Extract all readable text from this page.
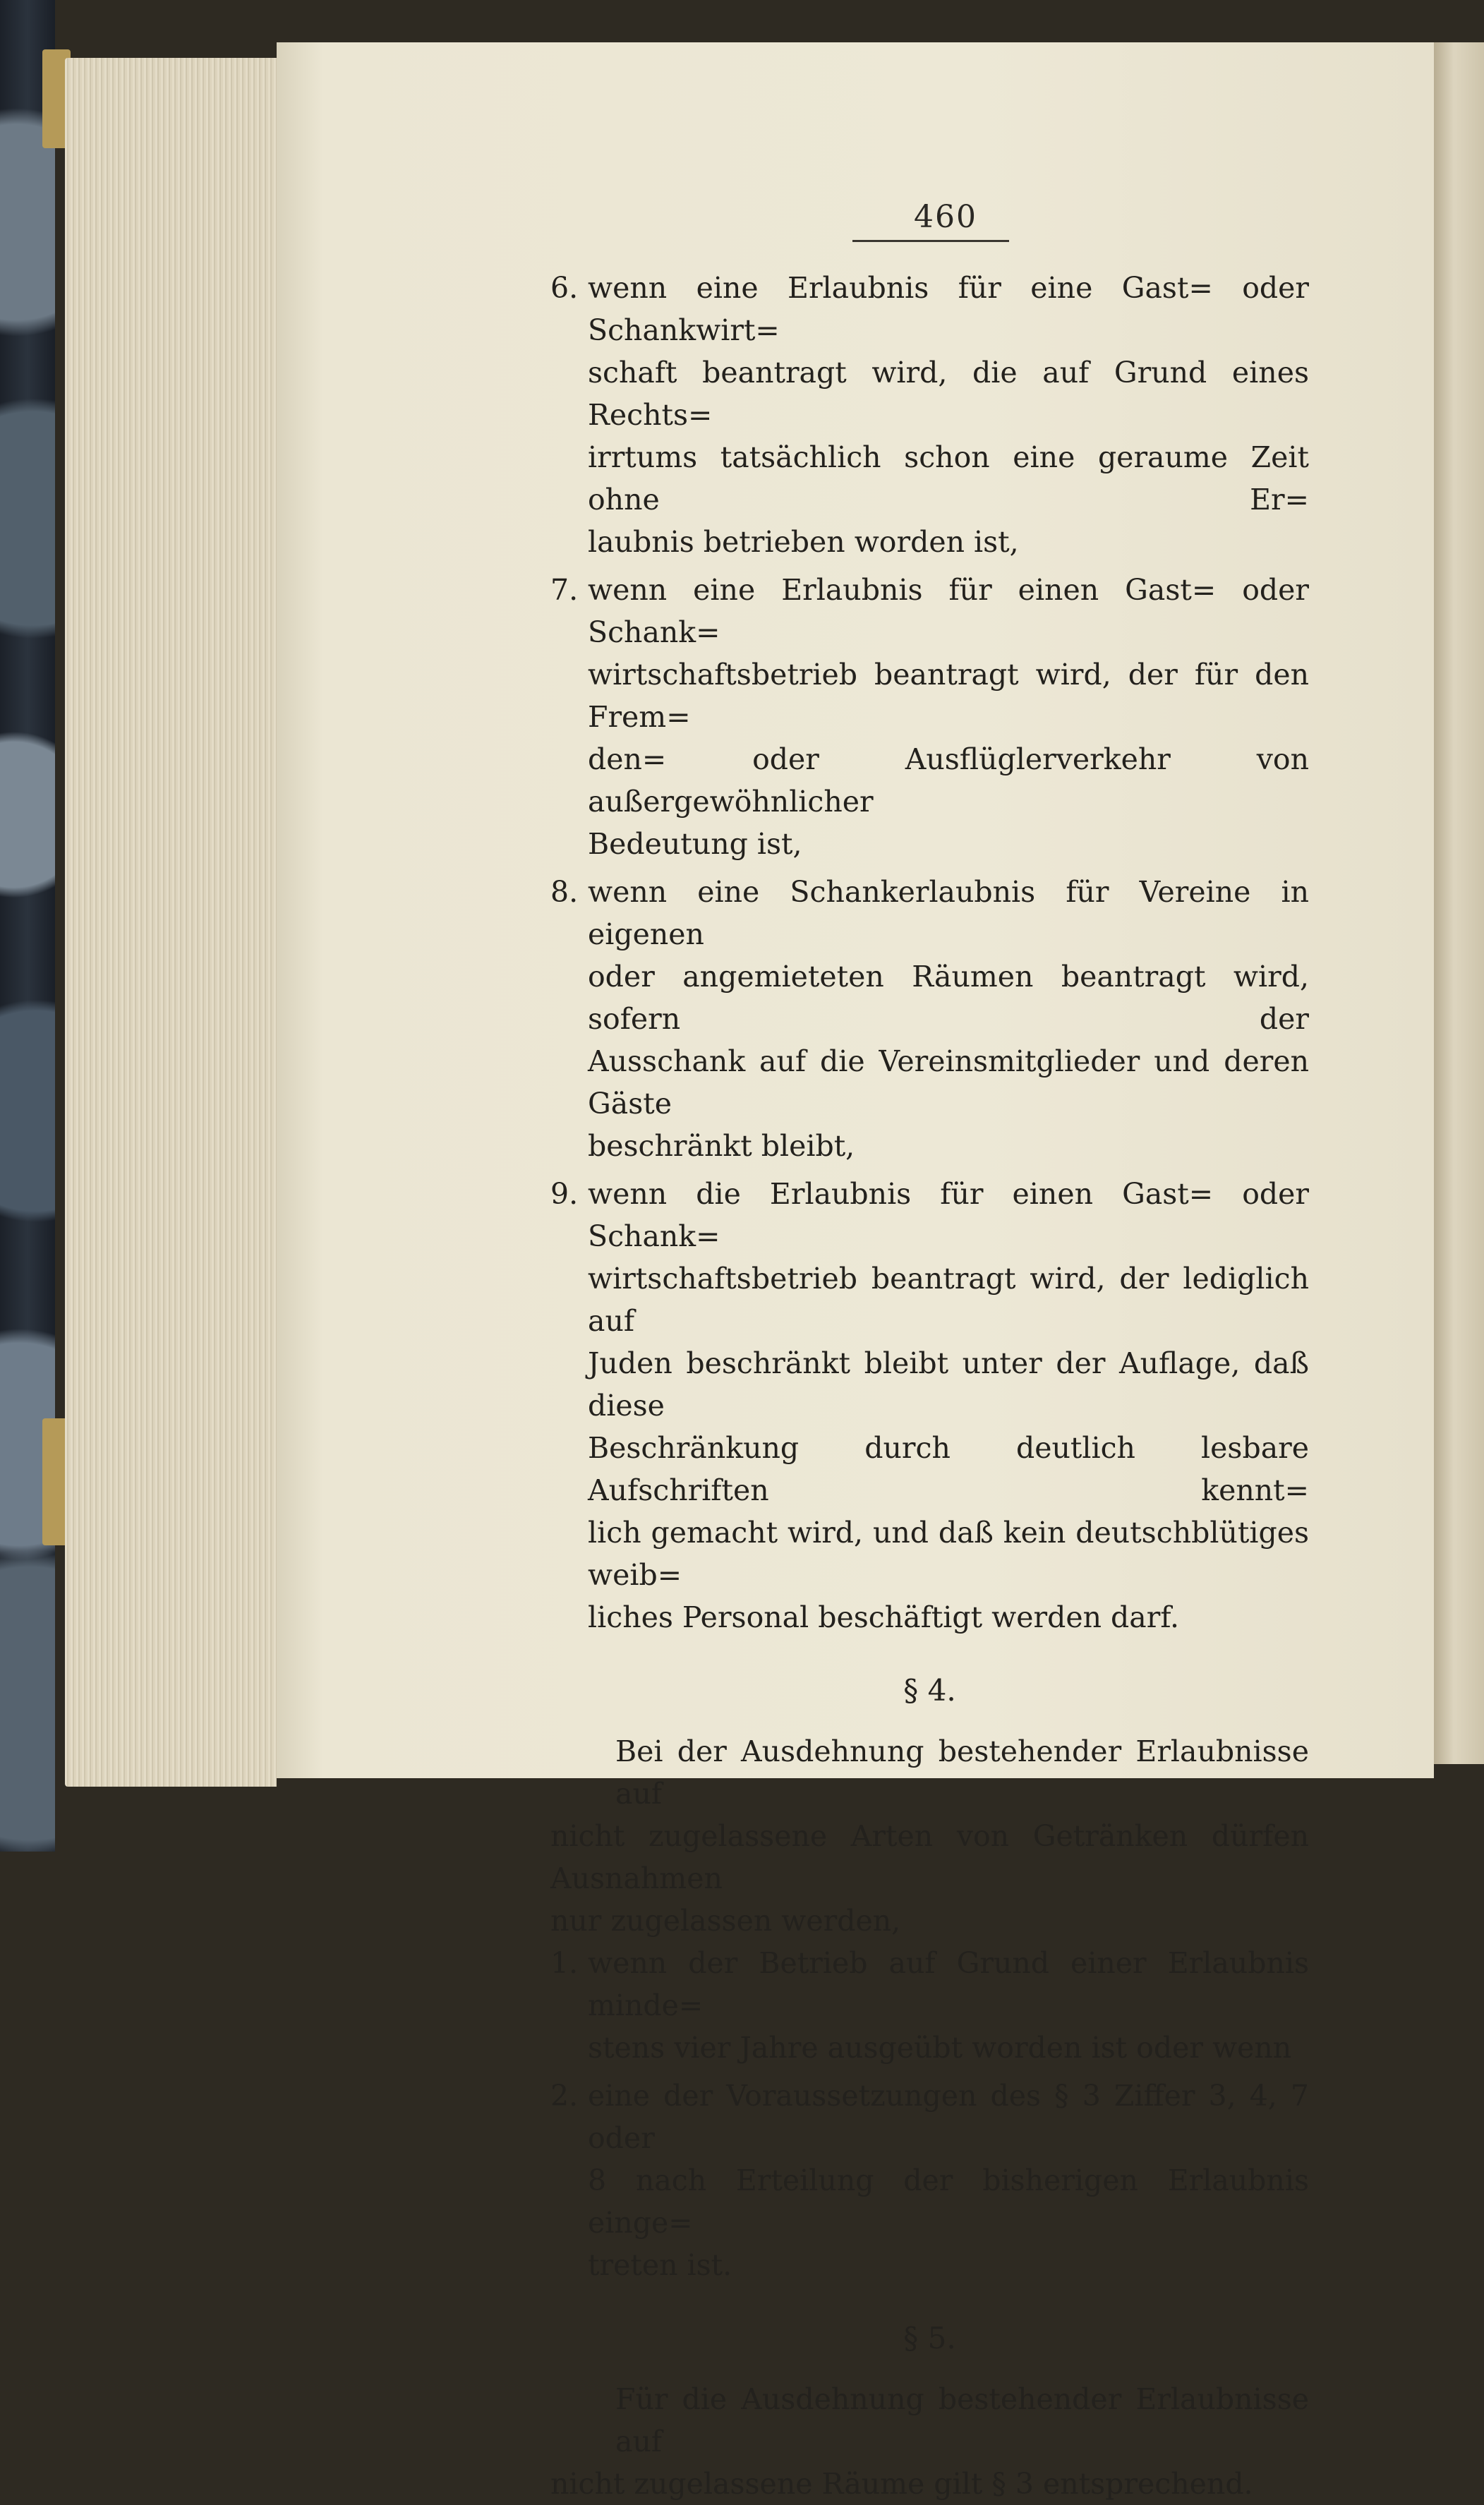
460
6. wenn eine Erlaubnis für eine Gast= oder Schankwirt=
schaft beantragt wird, die auf Grund eines Rechts=
irrtums tatsächlich schon eine geraume Zeit ohne Er=
laubnis betrieben worden ist,
7. wenn eine Erlaubnis für einen Gast= oder Schank=
wirtschaftsbetrieb beantragt wird, der für den Frem=
den= oder Ausflüglerverkehr von außergewöhnlicher
Bedeutung ist,
8. wenn eine Schankerlaubnis für Vereine in eigenen
oder angemieteten Räumen beantragt wird, sofern der
Ausschank auf die Vereinsmitglieder und deren Gäste
beschränkt bleibt,
9. wenn die Erlaubnis für einen Gast= oder Schank=
wirtschaftsbetrieb beantragt wird, der lediglich auf
Juden beschränkt bleibt unter der Auflage, daß diese
Beschränkung durch deutlich lesbare Aufschriften kennt=
lich gemacht wird, und daß kein deutschblütiges weib=
liches Personal beschäftigt werden darf.
§ 4.
Bei der Ausdehnung bestehender Erlaubnisse auf
nicht zugelassene Arten von Getränken dürfen Ausnahmen
nur zugelassen werden,
1. wenn der Betrieb auf Grund einer Erlaubnis minde=
stens vier Jahre ausgeübt worden ist oder wenn
2. eine der Voraussetzungen des § 3 Ziffer 3, 4, 7 oder
8 nach Erteilung der bisherigen Erlaubnis einge=
treten ist.
§ 5.
Für die Ausdehnung bestehender Erlaubnisse auf
nicht zugelassene Räume gilt § 3 entsprechend.
